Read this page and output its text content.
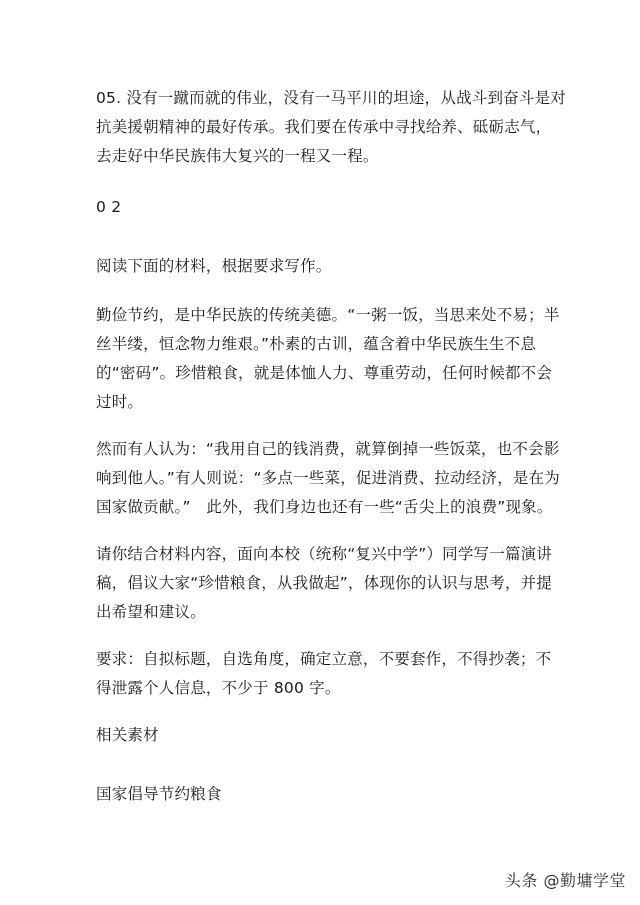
05. 没有一蹴而就的伟业，没有一马平川的坦途，从战斗到奋斗是对抗美援朝精神的最好传承。我们要在传承中寻找给养、砥砺志气，去走好中华民族伟大复兴的一程又一程。

0 2

阅读下面的材料，根据要求写作。

勤俭节约，是中华民族的传统美德。“一粥一饭，当思来处不易；半丝半缕，恒念物力维艰。”朴素的古训，蕴含着中华民族生生不息的“密码”。珍惜粮食，就是体恤人力、尊重劳动，任何时候都不会过时。

然而有人认为：“我用自己的钱消费，就算倒掉一些饭菜，也不会影响到他人。”有人则说：“多点一些菜，促进消费、拉动经济，是在为国家做贡献。”　此外，我们身边也还有一些“舌尖上的浪费”现象。

请你结合材料内容，面向本校（统称“复兴中学”）同学写一篇演讲稿，倡议大家“珍惜粮食，从我做起”，体现你的认识与思考，并提出希望和建议。

要求：自拟标题，自选角度，确定立意，不要套作，不得抄袭；不得泄露个人信息，不少于 800 字。

相关素材

国家倡导节约粮食

头条 @勤墉学堂
